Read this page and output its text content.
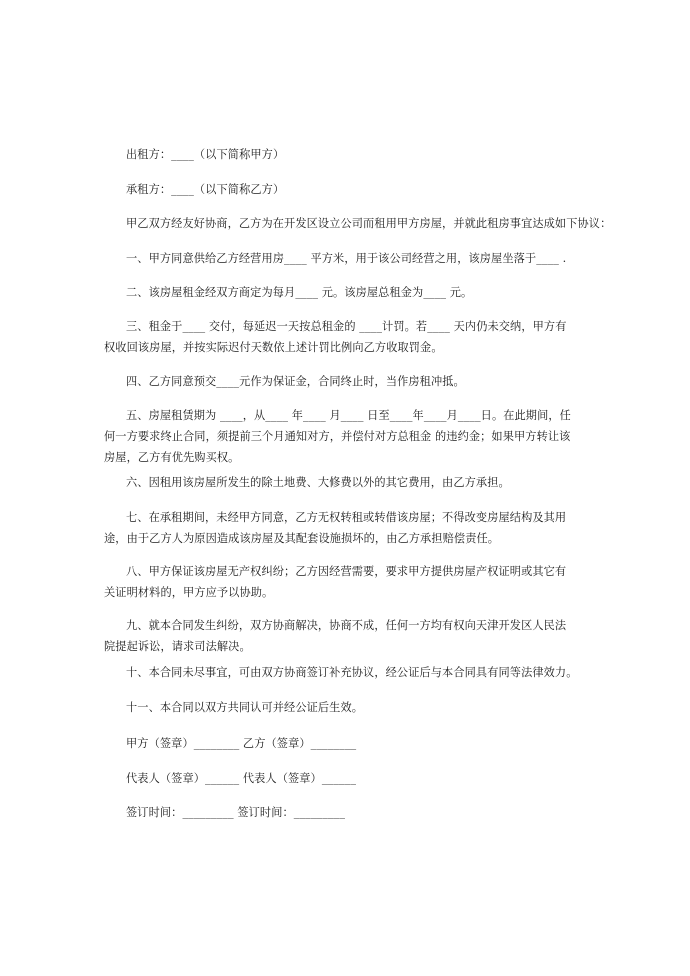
出租方：____（以下简称甲方）

承租方：____（以下简称乙方）

甲乙双方经友好协商，乙方为在开发区设立公司而租用甲方房屋，并就此租房事宜达成如下协议：

一、甲方同意供给乙方经营用房____ 平方米，用于该公司经营之用，该房屋坐落于____ .

二、该房屋租金经双方商定为每月____ 元。该房屋总租金为____ 元。

三、租金于____ 交付，每延迟一天按总租金的 ____计罚。若____ 天内仍未交纳，甲方有权收回该房屋，并按实际迟付天数依上述计罚比例向乙方收取罚金。

四、乙方同意预交____元作为保证金，合同终止时，当作房租冲抵。

五、房屋租赁期为 ____，从____ 年____ 月____ 日至____年____月____日。在此期间，任何一方要求终止合同，须提前三个月通知对方，并偿付对方总租金 的违约金；如果甲方转让该房屋，乙方有优先购买权。

六、因租用该房屋所发生的除土地费、大修费以外的其它费用，由乙方承担。

七、在承租期间，未经甲方同意，乙方无权转租或转借该房屋；不得改变房屋结构及其用途，由于乙方人为原因造成该房屋及其配套设施损坏的，由乙方承担赔偿责任。

八、甲方保证该房屋无产权纠纷；乙方因经营需要，要求甲方提供房屋产权证明或其它有关证明材料的，甲方应予以协助。

九、就本合同发生纠纷，双方协商解决，协商不成，任何一方均有权向天津开发区人民法院提起诉讼，请求司法解决。

十、本合同未尽事宜，可由双方协商签订补充协议，经公证后与本合同具有同等法律效力。

十一、本合同以双方共同认可并经公证后生效。

甲方（签章）________ 乙方（签章）________

代表人（签章）______ 代表人（签章）______

签订时间：_________ 签订时间：_________
